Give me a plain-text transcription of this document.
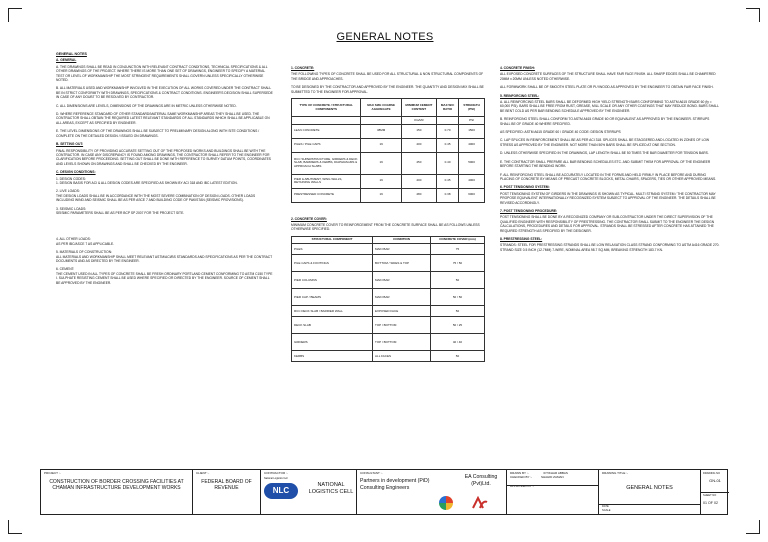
GENERAL NOTES
GENERAL NOTES
A. GENERAL
A. THE DRAWINGS SHALL BE READ IN CONJUNCTION WITH RELEVANT CONTRACT CONDITIONS, TECHNICAL SPECIFICATIONS & ALL OTHER DRAWINGS OF THE PROJECT. WHERE THERE IS MORE THAN ONE SET OF DRAWINGS, ENGINEER TO SPECIFY A MATERIAL TEST OR LEVEL OF WORKMANSHIP THE MOST STRINGENT REQUIREMENTS SHALL GOVERN UNLESS SPECIFICALLY OTHERWISE NOTED.
B. ALL MATERIALS USED AND WORKMANSHIP INVOLVED IN THE EXECUTION OF ALL WORKS COVERED UNDER THE CONTRACT SHALL BE IN STRICT CONFORMITY WITH DRAWINGS, SPECIFICATIONS & CONTRACT CONDITIONS. ENGINEER'S DECISION SHALL SUPERSEDE IN CASE OF ANY DOUBT TO BE RESOLVED BY CONTRACTOR.
C. ALL DIMENSIONS ARE LEVELS, DIMENSIONS OF THE DRAWINGS ARE IN METRIC UNLESS OTHERWISE NOTED.
D. WHERE REFERENCE STANDARD OF OTHER STANDARD/MATERIAL SAME WORKMANSHIP AREAS THEY SHALL BE USED. THE CONTRACTOR SHALL OBTAIN THE REQUIRED LATEST RELEVANT STANDARDS OF ALL STANDARDS WHICH SHALL BE APPLICABLE ON ALL AREAS, EXCEPT AS SPECIFIED BY ENGINEER.
E. THE LEVEL DIMENSIONS OF THE DRAWINGS SHALL BE SUBJECT TO PRELIMINARY DESIGN ALONG WITH SITE CONDITIONS / COMPLETE ON THE DETAILED DESIGN / ISSUED ON DRAWINGS.
B. SETTING OUT:
FINAL RESPONSIBILITY OF PROVIDING ACCURATE SETTING OUT OF THE PROPOSED WORKS AND BUILDINGS SHALL BE WITH THE CONTRACTOR. IN CASE ANY DISCREPANCY IS FOUND AMONG DRAWINGS, THE CONTRACTOR SHALL REFER TO THE ENGINEER FOR CLARIFICATION BEFORE PROCEEDING. SETTING OUT SHALL BE DONE WITH REFERENCE TO SURVEY DATUM POINTS, COORDINATES AND LEVELS SHOWN ON DRAWINGS AND SHALL BE CHECKED BY THE ENGINEER.
C. DESIGN CONDITIONS:
1. DESIGN CODES:
1. DESIGN BASIS FOR ACI & ALL DESIGN CODES ARE SPECIFIED AS SHOWN BY ACI 318 AND IBC LATEST EDITION.
2. LIVE LOADS:
THE DESIGN LOADS SHALL BE IN ACCORDANCE WITH THE MOST SEVERE COMBINATION OF DESIGN LOADS. OTHER LOADS INCLUDING WIND AND SEISMIC SHALL BE AS PER ASCE 7 AND BUILDING CODE OF PAKISTAN (SEISMIC PROVISIONS).
3. SEISMIC LOADS:
SEISMIC PARAMETERS SHALL BE AS PER BCP SP 2007 FOR THE PROJECT SITE.
4. ALL OTHER LOADS:
AS PER IBC/ASCE 7 AS APPLICABLE.
5. MATERIALS OF CONSTRUCTION:
ALL MATERIALS AND WORKMANSHIP SHALL MEET RELEVANT ASTM/ACI/BS STANDARDS AND SPECIFICATIONS AS PER THE CONTRACT DOCUMENTS AND AS DIRECTED BY THE ENGINEER.
6. CEMENT:
THE CEMENT USED IN ALL TYPES OF CONCRETE SHALL BE FRESH ORDINARY PORTLAND CEMENT CONFORMING TO ASTM C150 TYPE I. SULPHATE RESISTING CEMENT SHALL BE USED WHERE SPECIFIED OR DIRECTED BY THE ENGINEER. SOURCE OF CEMENT SHALL BE APPROVED BY THE ENGINEER.
1. CONCRETE:
THE FOLLOWING TYPES OF CONCRETE SHALL BE USED FOR ALL STRUCTURAL & NON STRUCTURAL COMPONENTS OF THE BRIDGE AND APPROACHES.
TO BE DESIGNED BY THE CONTRACTOR AND APPROVED BY THE ENGINEER. THE QUANTITY AND DESIGN MIX SHALL BE SUBMITTED TO THE ENGINEER FOR APPROVAL.
TYPE OF CONCRETE / STRUCTURAL COMPONENTS	MAX SIZE COARSE AGGREGATE	MINIMUM CEMENT CONTENT	MAX W/C RATIO	STRENGTH (PSI)
		KG/M3		PSI
LEAN CONCRETE	38MM	150	0.70	1500
PILES / PILE CAPS	19	400	0.45	4000
RCC SUPERSTRUCTURE, GIRDERS & DECK SLAB, BARRIERS & KERBS, DIAPHRAGMS & APPROACH SLABS	19	450	0.40	5000
PIER & ABUTMENT, WING WALLS, RETAINING WALLS	19	400	0.45	4000
PRESTRESSED CONCRETE	19	480	0.38	6000
2. CONCRETE COVER:
MINIMUM CONCRETE COVER TO REINFORCEMENT FROM THE CONCRETE SURFACE SHALL BE AS FOLLOWS UNLESS OTHERWISE SPECIFIED.
STRUCTURAL COMPONENT	CONDITION	CONCRETE COVER (mm)
PILES	MAIN BAR	75
PILE CAPS & FOOTINGS	BOTTOM / SIDES & TOP	75 / 50
PIER COLUMNS	MAIN BAR	50
PIER CAP / BEAMS	MAIN BAR	50 / 50
RCC DECK SLAB / BARRIER WALL	EXPOSED FACE	50
DECK SLAB	TOP / BOTTOM	50 / 25
GIRDERS	TOP / BOTTOM	40 / 40
KERBS	ALL FACES	50
4. CONCRETE FINISH:
ALL EXPOSED CONCRETE SURFACES OF THE STRUCTURE SHALL HAVE FAIR FACE FINISH. ALL SHARP EDGES SHALL BE CHAMFERED 20MM x 20MM UNLESS NOTED OTHERWISE.
ALL FORMWORK SHALL BE OF SMOOTH STEEL PLATE OR PLYWOOD AS APPROVED BY THE ENGINEER TO OBTAIN FAIR FACE FINISH.
5. REINFORCING STEEL:
A. ALL REINFORCING STEEL BARS SHALL BE DEFORMED HIGH YIELD STRENGTH BARS CONFORMING TO ASTM A615 GRADE 60 (fy = 60,000 PSI). BARS SHALL BE FREE FROM RUST, GREASE, MILL SCALE OR ANY OTHER COATINGS THAT MAY REDUCE BOND. BARS SHALL BE BENT COLD AS PER BAR BENDING SCHEDULE APPROVED BY THE ENGINEER.
B. REINFORCING STEEL SHALL CONFORM TO ASTM A615 GRADE 60 OR EQUIVALENT AS APPROVED BY THE ENGINEER. STIRRUPS SHALL BE OF GRADE 40 WHERE SPECIFIED.
AS SPECIFIED: ASTM A615 GRADE 60 / GRADE 40 CODE: DESIGN STIRRUPS
C. LAP SPLICES IN REINFORCEMENT SHALL BE AS PER ACI 318. SPLICES SHALL BE STAGGERED AND LOCATED IN ZONES OF LOW STRESS AS APPROVED BY THE ENGINEER. NOT MORE THAN 50% BARS SHALL BE SPLICED AT ONE SECTION.
D. UNLESS OTHERWISE SPECIFIED IN THE DRAWINGS, LAP LENGTH SHALL BE 50 TIMES THE BAR DIAMETER FOR TENSION BARS.
E. THE CONTRACTOR SHALL PREPARE ALL BAR BENDING SCHEDULES ETC. AND SUBMIT THEM FOR APPROVAL OF THE ENGINEER BEFORE STARTING THE BENDING WORK.
F. ALL REINFORCING STEEL SHALL BE ACCURATELY LOCATED IN THE FORMS AND HELD FIRMLY IN PLACE BEFORE AND DURING PLACING OF CONCRETE BY MEANS OF PRECAST CONCRETE BLOCKS, METAL CHAIRS, SPACERS, TIES OR OTHER APPROVED MEANS.
6. POST TENSIONING SYSTEM:
POST TENSIONING SYSTEM OF GIRDERS IN THE DRAWINGS IS SHOWN AS TYPICAL. MULTI STRAND SYSTEM / THE CONTRACTOR MAY PROPOSE EQUIVALENT INTERNATIONALLY RECOGNIZED SYSTEM SUBJECT TO APPROVAL OF THE ENGINEER. THE DETAILS SHALL BE REVISED ACCORDINGLY.
7. POST TENSIONING PROCEDURE:
POST TENSIONING SHALL BE DONE BY A RECOGNIZED COMPANY OR SUB-CONTRACTOR UNDER THE DIRECT SUPERVISION OF THE QUALIFIED ENGINEER WITH RESPONSIBILITY OF PRESTRESSING. THE CONTRACTOR SHALL SUBMIT TO THE ENGINEER THE DESIGN CALCULATIONS, PROCEDURES AND DETAILS FOR APPROVAL. STRANDS SHALL BE STRESSED AFTER CONCRETE HAS ATTAINED THE REQUIRED STRENGTH AS SPECIFIED BY THE DESIGNER.
8. PRESTRESSING STEEL:
STRANDS: STEEL FOR PRESTRESSING STRANDS SHALL BE LOW RELAXATION CLASS STRAND CONFORMING TO ASTM A416 GRADE 270. STRAND SIZE 0.5 INCH (12.7MM) 7-WIRE, NOMINAL AREA 98.7 SQ.MM, BREAKING STRENGTH 183.7 KN.
PROJECT :-
CONSTRUCTION OF BORDER CROSSING FACILITIES AT CHAMAN INFRASTRUCTURE DEVELOPMENT WORKS
CLIENT :-
FEDERAL BOARD OF REVENUE
CONTRACTOR :-
National Logistics Cell
NLC
NATIONAL LOGISTICS CELL
CONSULTANT :-
Partners in development (PiD) Consulting Engineers
EA Consulting (Pvt)Ltd.
DRAWN BY :-	IFTIKHAR ABBAS
CHECKED BY :-	SHAHID ZAMAN
APPROVED BY :-
DRAWING TITLE :-
GENERAL NOTES
DATE
SCALE
DRAWING NO
GN-01
SHEET NO
01 OF 02
